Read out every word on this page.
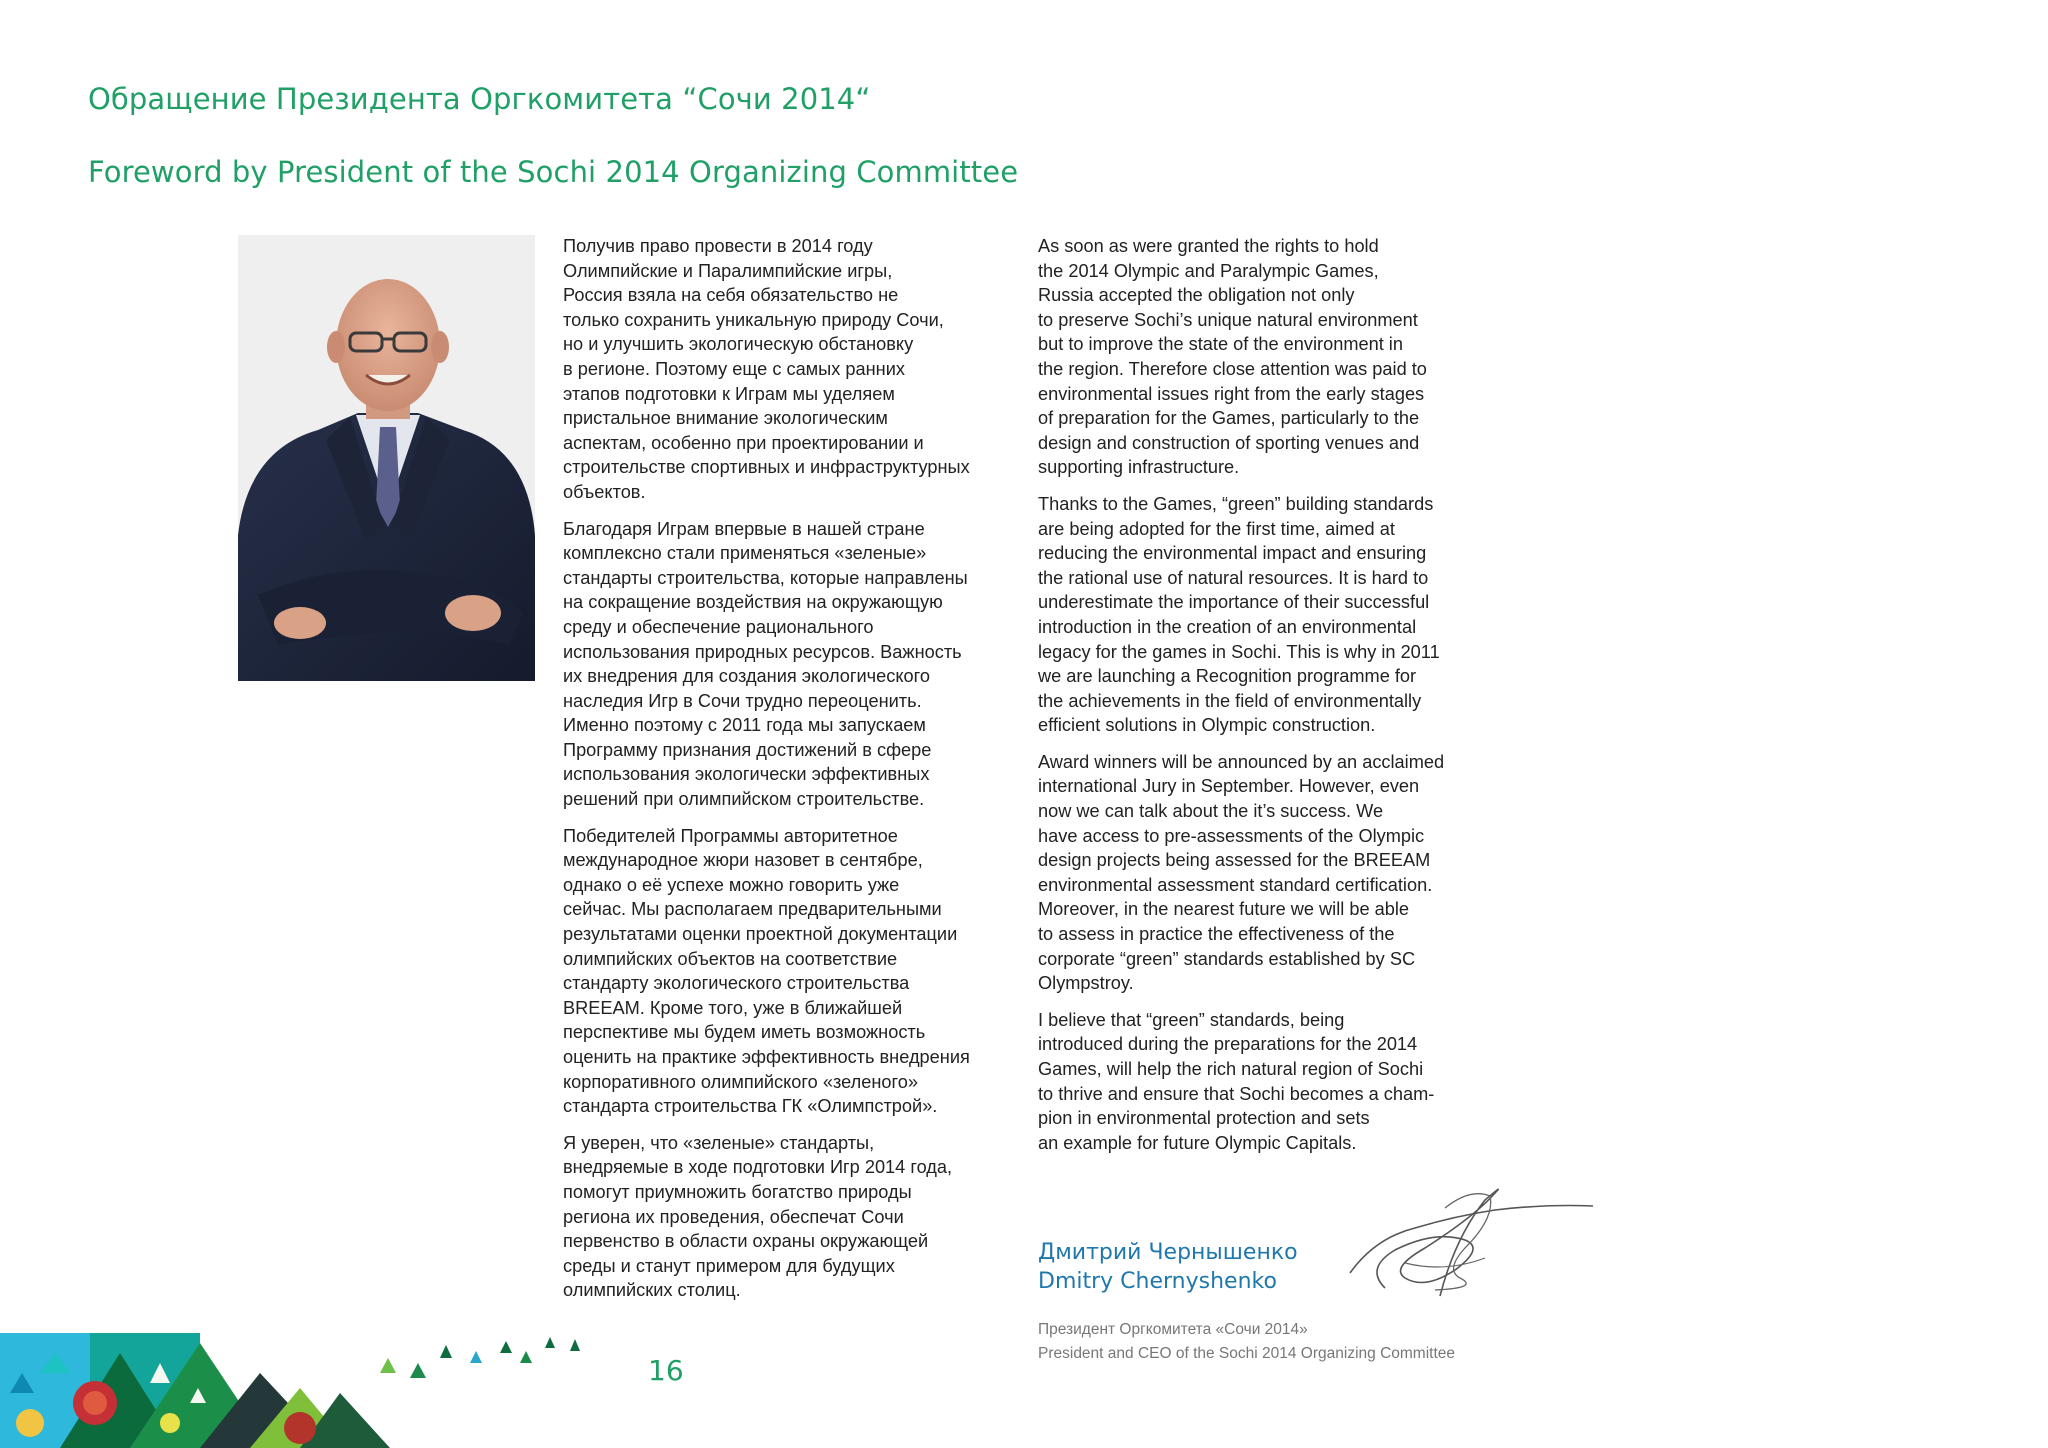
Обращение Президента Оргкомитета “Сочи 2014“
Foreword by President of the Sochi 2014 Organizing Committee

Получив право провести в 2014 году
Олимпийские и Паралимпийские игры,
Россия взяла на себя обязательство не
только сохранить уникальную природу Сочи,
но и улучшить экологическую обстановку
в регионе. Поэтому еще с самых ранних
этапов подготовки к Играм мы уделяем
пристальное внимание экологическим
аспектам, особенно при проектировании и
строительстве спортивных и инфраструктурных
объектов.

Благодаря Играм впервые в нашей стране
комплексно стали применяться «зеленые»
стандарты строительства, которые направлены
на сокращение воздействия на окружающую
среду и обеспечение рационального
использования природных ресурсов. Важность
их внедрения для создания экологического
наследия Игр в Сочи трудно переоценить.
Именно поэтому с 2011 года мы запускаем
Программу признания достижений в сфере
использования экологически эффективных
решений при олимпийском строительстве.

Победителей Программы авторитетное
международное жюри назовет в сентябре,
однако о её успехе можно говорить уже
сейчас. Мы располагаем предварительными
результатами оценки проектной документации
олимпийских объектов на соответствие
стандарту экологического строительства
BREEAM. Кроме того, уже в ближайшей
перспективе мы будем иметь возможность
оценить на практике эффективность внедрения
корпоративного олимпийского «зеленого»
стандарта строительства ГК «Олимпстрой».

Я уверен, что «зеленые» стандарты,
внедряемые в ходе подготовки Игр 2014 года,
помогут приумножить богатство природы
региона их проведения, обеспечат Сочи
первенство в области охраны окружающей
среды и станут примером для будущих
олимпийских столиц.

As soon as were granted the rights to hold
the 2014 Olympic and Paralympic Games,
Russia accepted the obligation not only
to preserve Sochi’s unique natural environment
but to improve the state of the environment in
the region. Therefore close attention was paid to
environmental issues right from the early stages
of preparation for the Games, particularly to the
design and construction of sporting venues and
supporting infrastructure.

Thanks to the Games, “green” building standards
are being adopted for the first time, aimed at
reducing the environmental impact and ensuring
the rational use of natural resources. It is hard to
underestimate the importance of their successful
introduction in the creation of an environmental
legacy for the games in Sochi. This is why in 2011
we are launching a Recognition programme for
the achievements in the field of environmentally
efficient solutions in Olympic construction.

Award winners will be announced by an acclaimed
international Jury in September. However, even
now we can talk about the it’s success. We
have access to pre-assessments of the Olympic
design projects being assessed for the BREEAM
environmental assessment standard certification.
Moreover, in the nearest future we will be able
to assess in practice the effectiveness of the
corporate “green” standards established by SC
Olympstroy.

I believe that “green” standards, being
introduced during the preparations for the 2014
Games, will help the rich natural region of Sochi
to thrive and ensure that Sochi becomes a cham-
pion in environmental protection and sets
an example for future Olympic Capitals.

Дмитрий Чернышенко
Dmitry Chernyshenko
Президент Оргкомитета «Сочи 2014»
President and CEO of the Sochi 2014 Organizing Committee
16
